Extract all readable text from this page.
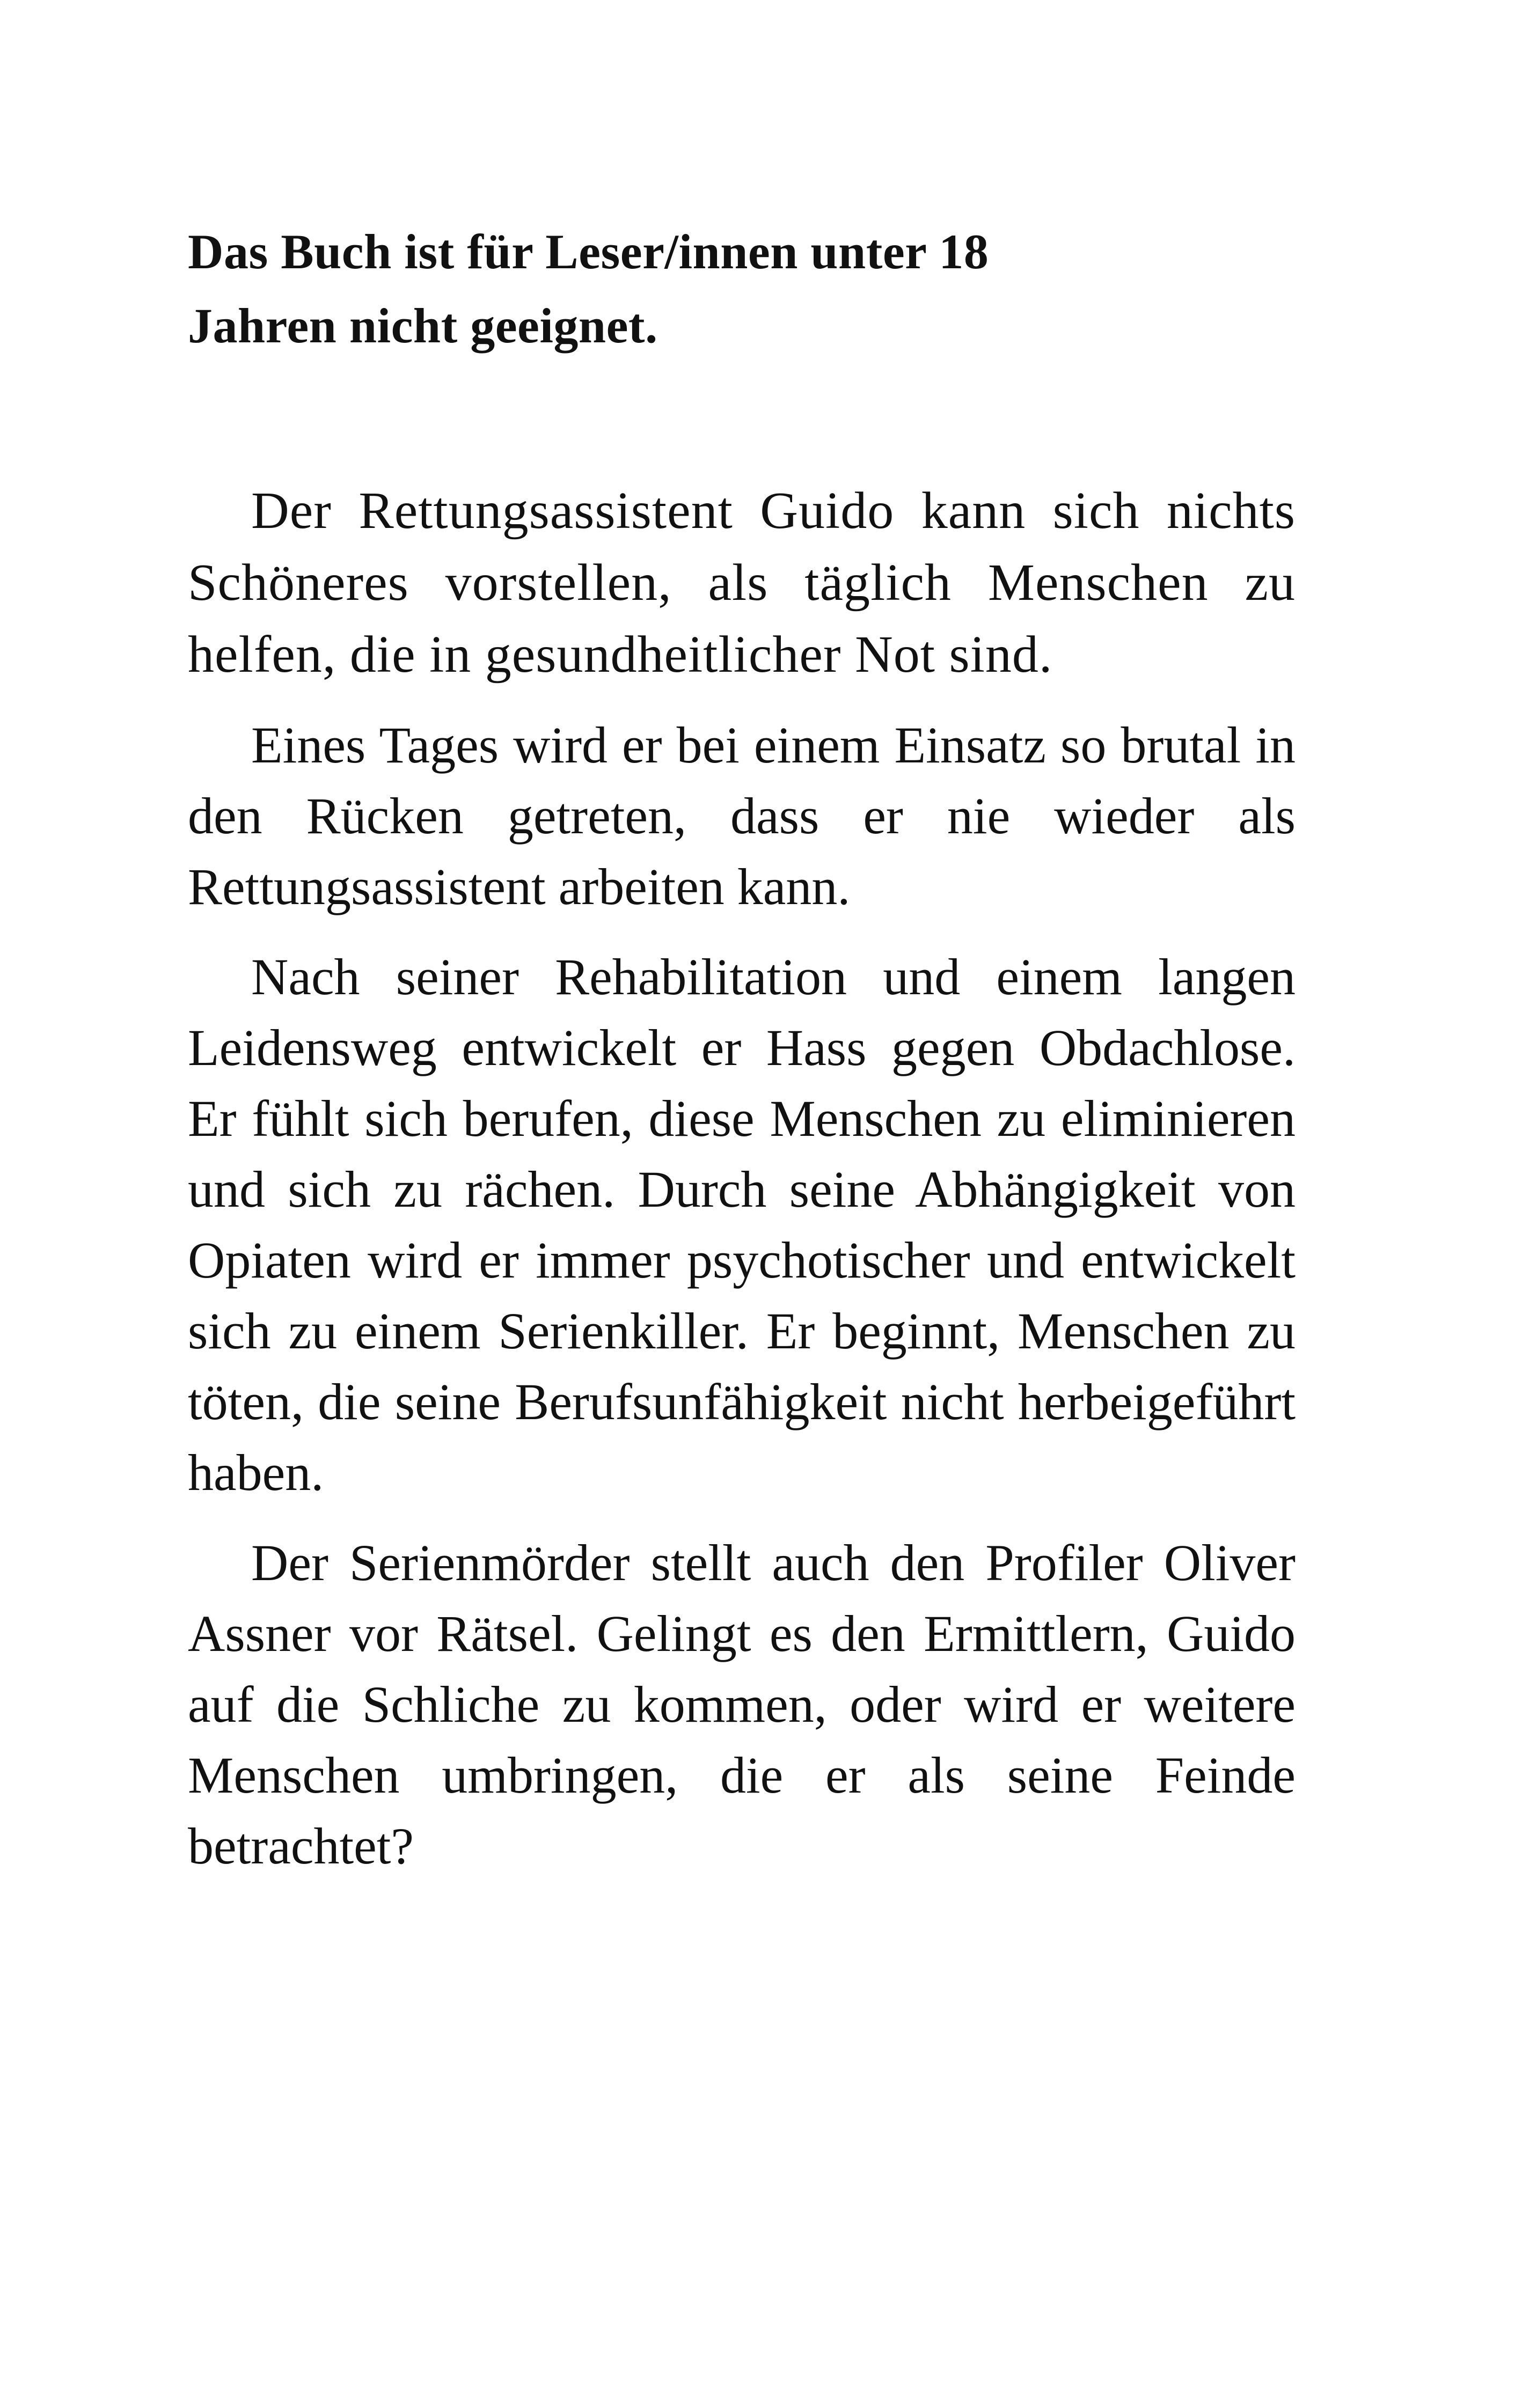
Das Buch ist für Leser/innen unter 18
Jahren nicht geeignet.

Der Rettungsassistent Guido kann sich nichts Schöneres vorstellen, als täglich Menschen zu helfen, die in gesundheitlicher Not sind.

Eines Tages wird er bei einem Einsatz so brutal in den Rücken getreten, dass er nie wieder als Rettungsassistent arbeiten kann.

Nach seiner Rehabilitation und einem langen Leidensweg entwickelt er Hass gegen Obdachlose. Er fühlt sich berufen, diese Menschen zu eliminieren und sich zu rächen. Durch seine Abhängigkeit von Opiaten wird er immer psychotischer und entwickelt sich zu einem Serienkiller. Er beginnt, Menschen zu töten, die seine Berufsunfähigkeit nicht herbeigeführt haben.

Der Serienmörder stellt auch den Profiler Oliver Assner vor Rätsel. Gelingt es den Ermittlern, Guido auf die Schliche zu kommen, oder wird er weitere Menschen umbringen, die er als seine Feinde betrachtet?
